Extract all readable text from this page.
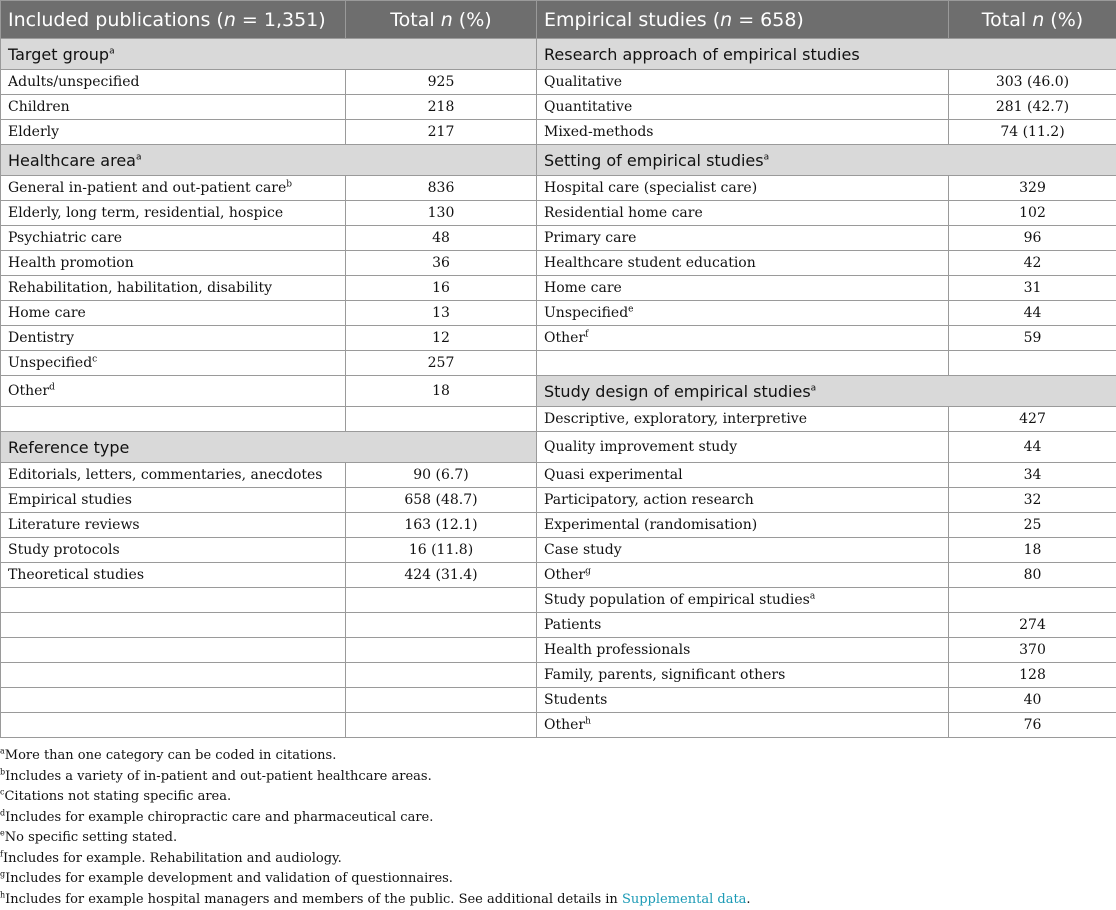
Included publications (n = 1,351)	Total n (%)	Empirical studies (n = 658)	Total n (%)
Target group$^a$		Research approach of empirical studies	
Adults/unspecified	925	Qualitative	303 (46.0)
Children	218	Quantitative	281 (42.7)
Elderly	217	Mixed-methods	74 (11.2)
Healthcare area$^a$		Setting of empirical studies$^a$
General in-patient and out-patient care$^b$	836	Hospital care (specialist care)	329
Elderly, long term, residential, hospice	130	Residential home care	102
Psychiatric care	48	Primary care	96
Health promotion	36	Healthcare student education	42
Rehabilitation, habilitation, disability	16	Home care	31
Home care	13	Unspecified$^e$	44
Dentistry	12	Other$^f$	59
Unspecified$^c$	257		
Other$^d$	18	Study design of empirical studies$^a$
		Descriptive, exploratory, interpretive	427
Reference type		Quality improvement study	44
Editorials, letters, commentaries, anecdotes	90 (6.7)	Quasi experimental	34
Empirical studies	658 (48.7)	Participatory, action research	32
Literature reviews	163 (12.1)	Experimental (randomisation)	25
Study protocols	16 (11.8)	Case study	18
Theoretical studies	424 (31.4)	Other$^g$	80
		Study population of empirical studies$^a$	
		Patients	274
		Health professionals	370
		Family, parents, significant others	128
		Students	40
		Other$^h$	76
$^a$More than one category can be coded in citations.
$^b$Includes a variety of in-patient and out-patient healthcare areas.
$^c$Citations not stating specific area.
$^d$Includes for example chiropractic care and pharmaceutical care.
$^e$No specific setting stated.
$^f$Includes for example. Rehabilitation and audiology.
$^g$Includes for example development and validation of questionnaires.
$^h$Includes for example hospital managers and members of the public. See additional details in Supplemental data.
